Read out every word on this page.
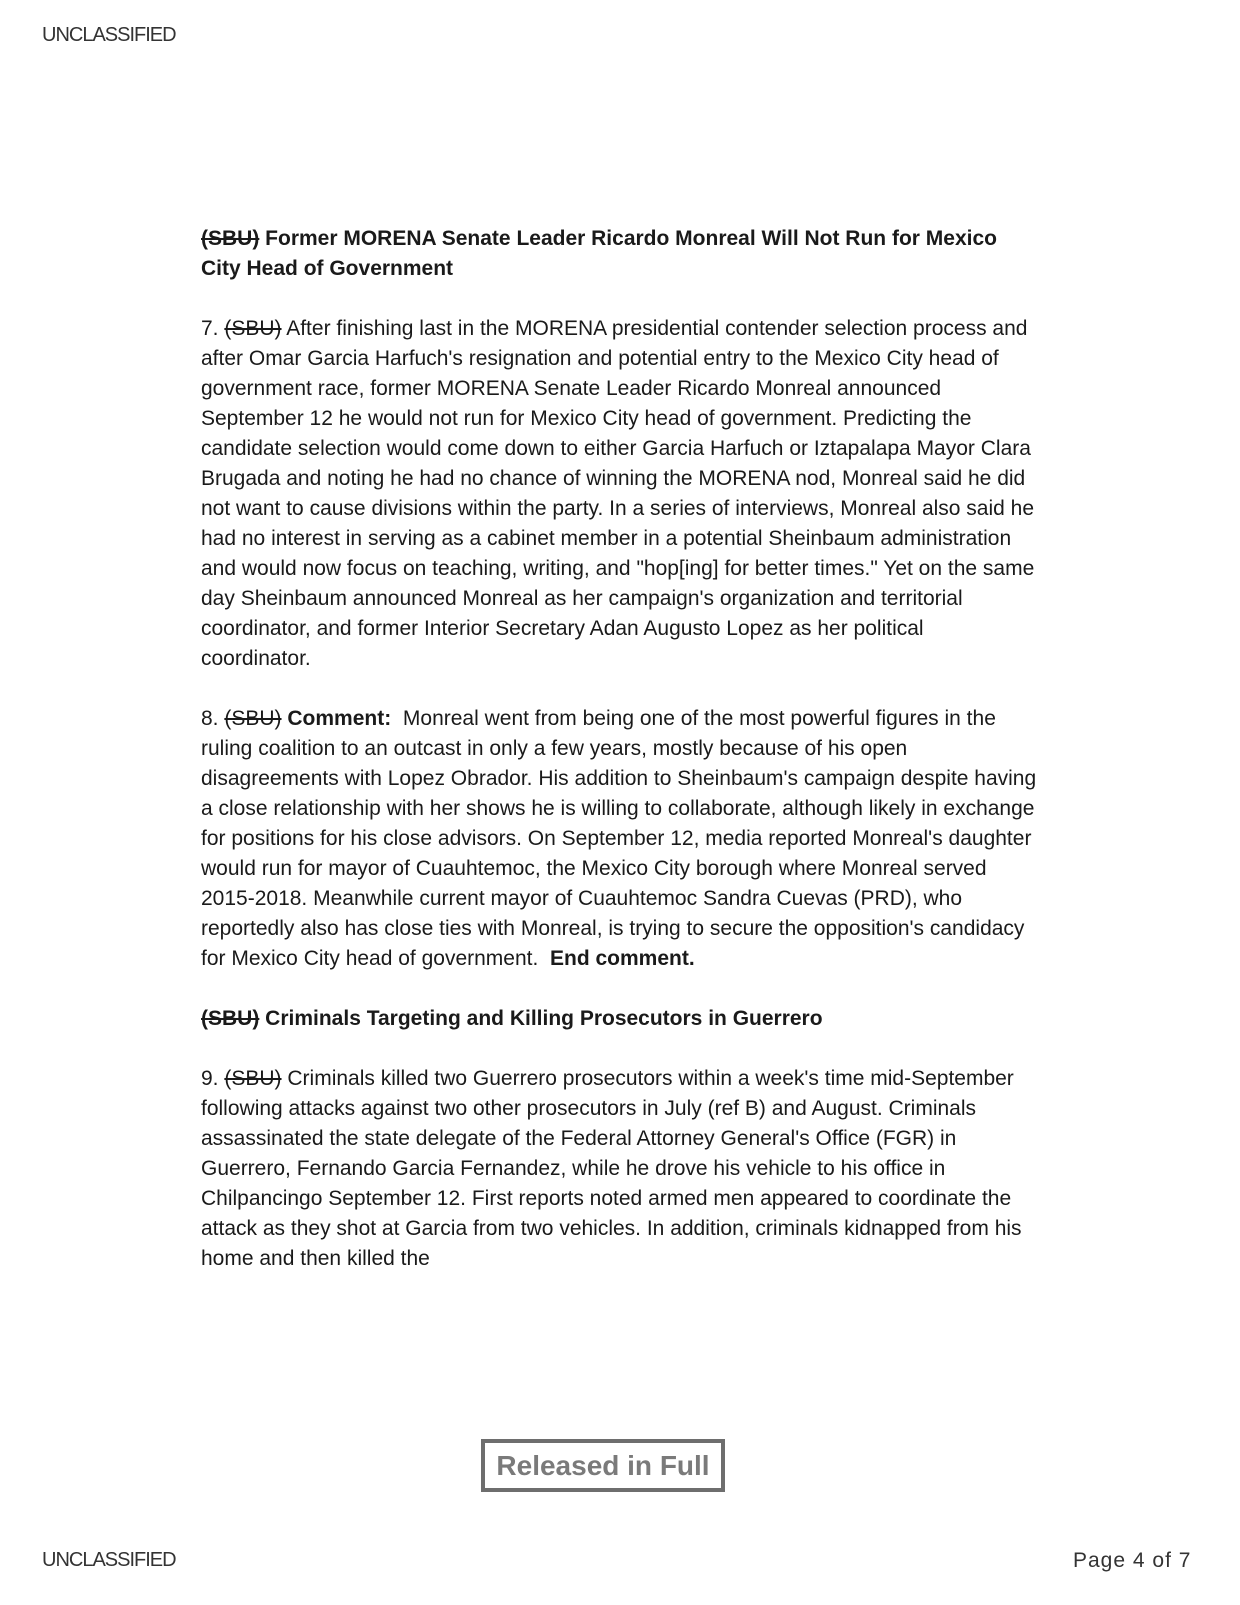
UNCLASSIFIED

(SBU) Former MORENA Senate Leader Ricardo Monreal Will Not Run for Mexico City Head of Government

7. (SBU) After finishing last in the MORENA presidential contender selection process and after Omar Garcia Harfuch's resignation and potential entry to the Mexico City head of government race, former MORENA Senate Leader Ricardo Monreal announced September 12 he would not run for Mexico City head of government. Predicting the candidate selection would come down to either Garcia Harfuch or Iztapalapa Mayor Clara Brugada and noting he had no chance of winning the MORENA nod, Monreal said he did not want to cause divisions within the party. In a series of interviews, Monreal also said he had no interest in serving as a cabinet member in a potential Sheinbaum administration and would now focus on teaching, writing, and "hop[ing] for better times." Yet on the same day Sheinbaum announced Monreal as her campaign's organization and territorial coordinator, and former Interior Secretary Adan Augusto Lopez as her political coordinator.

8. (SBU) Comment: Monreal went from being one of the most powerful figures in the ruling coalition to an outcast in only a few years, mostly because of his open disagreements with Lopez Obrador. His addition to Sheinbaum's campaign despite having a close relationship with her shows he is willing to collaborate, although likely in exchange for positions for his close advisors. On September 12, media reported Monreal's daughter would run for mayor of Cuauhtemoc, the Mexico City borough where Monreal served 2015-2018. Meanwhile current mayor of Cuauhtemoc Sandra Cuevas (PRD), who reportedly also has close ties with Monreal, is trying to secure the opposition's candidacy for Mexico City head of government. End comment.

(SBU) Criminals Targeting and Killing Prosecutors in Guerrero

9. (SBU) Criminals killed two Guerrero prosecutors within a week's time mid-September following attacks against two other prosecutors in July (ref B) and August. Criminals assassinated the state delegate of the Federal Attorney General's Office (FGR) in Guerrero, Fernando Garcia Fernandez, while he drove his vehicle to his office in Chilpancingo September 12. First reports noted armed men appeared to coordinate the attack as they shot at Garcia from two vehicles. In addition, criminals kidnapped from his home and then killed the

Released in Full
UNCLASSIFIED	Page 4 of 7
